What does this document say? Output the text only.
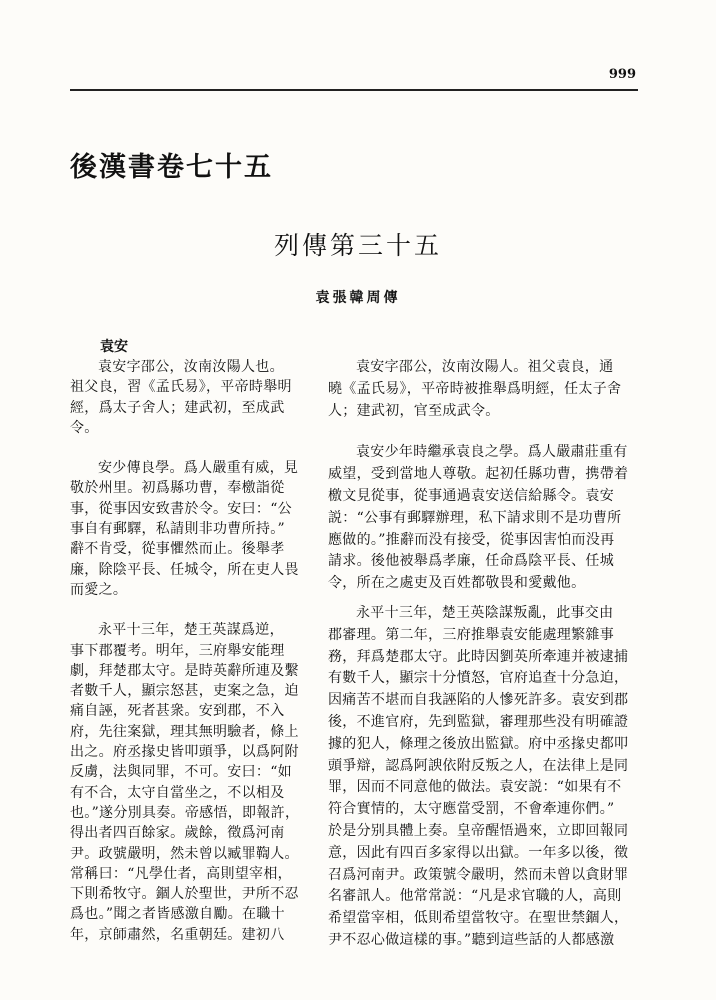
999
後漢書卷七十五
列傳第三十五
袁張韓周傳
袁安
袁安字邵公，汝南汝陽人也。
祖父良，習《孟氏易》，平帝時舉明
經，爲太子舍人；建武初，至成武
令。
安少傳良學。爲人嚴重有威，見
敬於州里。初爲縣功曹，奉檄詣從
事，從事因安致書於令。安曰：“公
事自有郵驛，私請則非功曹所持。”
辭不肯受，從事懼然而止。後舉孝
廉，除陰平長、任城令，所在吏人畏
而愛之。
永平十三年，楚王英謀爲逆，
事下郡覆考。明年，三府舉安能理
劇，拜楚郡太守。是時英辭所連及繫
者數千人，顯宗怒甚，吏案之急，迫
痛自誣，死者甚衆。安到郡，不入
府，先往案獄，理其無明驗者，條上
出之。府丞掾史皆叩頭爭，以爲阿附
反虜，法與同罪，不可。安曰：“如
有不合，太守自當坐之，不以相及
也。”遂分別具奏。帝感悟，即報許，
得出者四百餘家。歲餘，徵爲河南
尹。政號嚴明，然未曾以臧罪鞫人。
常稱曰：“凡學仕者，高則望宰相，
下則希牧守。錮人於聖世，尹所不忍
爲也。”聞之者皆感激自勵。在職十
年，京師肅然，名重朝廷。建初八
袁安字邵公，汝南汝陽人。祖父袁良，通
曉《孟氏易》，平帝時被推舉爲明經，任太子舍
人；建武初，官至成武令。
袁安少年時繼承袁良之學。爲人嚴肅莊重有
威望，受到當地人尊敬。起初任縣功曹，携帶着
檄文見從事，從事通過袁安送信給縣令。袁安
説：“公事有郵驛辦理，私下請求則不是功曹所
應做的。”推辭而没有接受，從事因害怕而没再
請求。後他被舉爲孝廉，任命爲陰平長、任城
令，所在之處吏及百姓都敬畏和愛戴他。
永平十三年，楚王英陰謀叛亂，此事交由
郡審理。第二年，三府推舉袁安能處理繁雜事
務，拜爲楚郡太守。此時因劉英所牽連并被逮捕
有數千人，顯宗十分憤怒，官府追查十分急迫，
因痛苦不堪而自我誣陷的人慘死許多。袁安到郡
後，不進官府，先到監獄，審理那些没有明確證
據的犯人，條理之後放出監獄。府中丞掾史都叩
頭爭辯，認爲阿諛依附反叛之人，在法律上是同
罪，因而不同意他的做法。袁安説：“如果有不
符合實情的，太守應當受罰，不會牽連你們。”
於是分别具體上奏。皇帝醒悟過來，立即回報同
意，因此有四百多家得以出獄。一年多以後，徵
召爲河南尹。政策號令嚴明，然而未曾以貪財罪
名審訊人。他常常説：“凡是求官職的人，高則
希望當宰相，低則希望當牧守。在聖世禁錮人，
尹不忍心做這樣的事。”聽到這些話的人都感激
